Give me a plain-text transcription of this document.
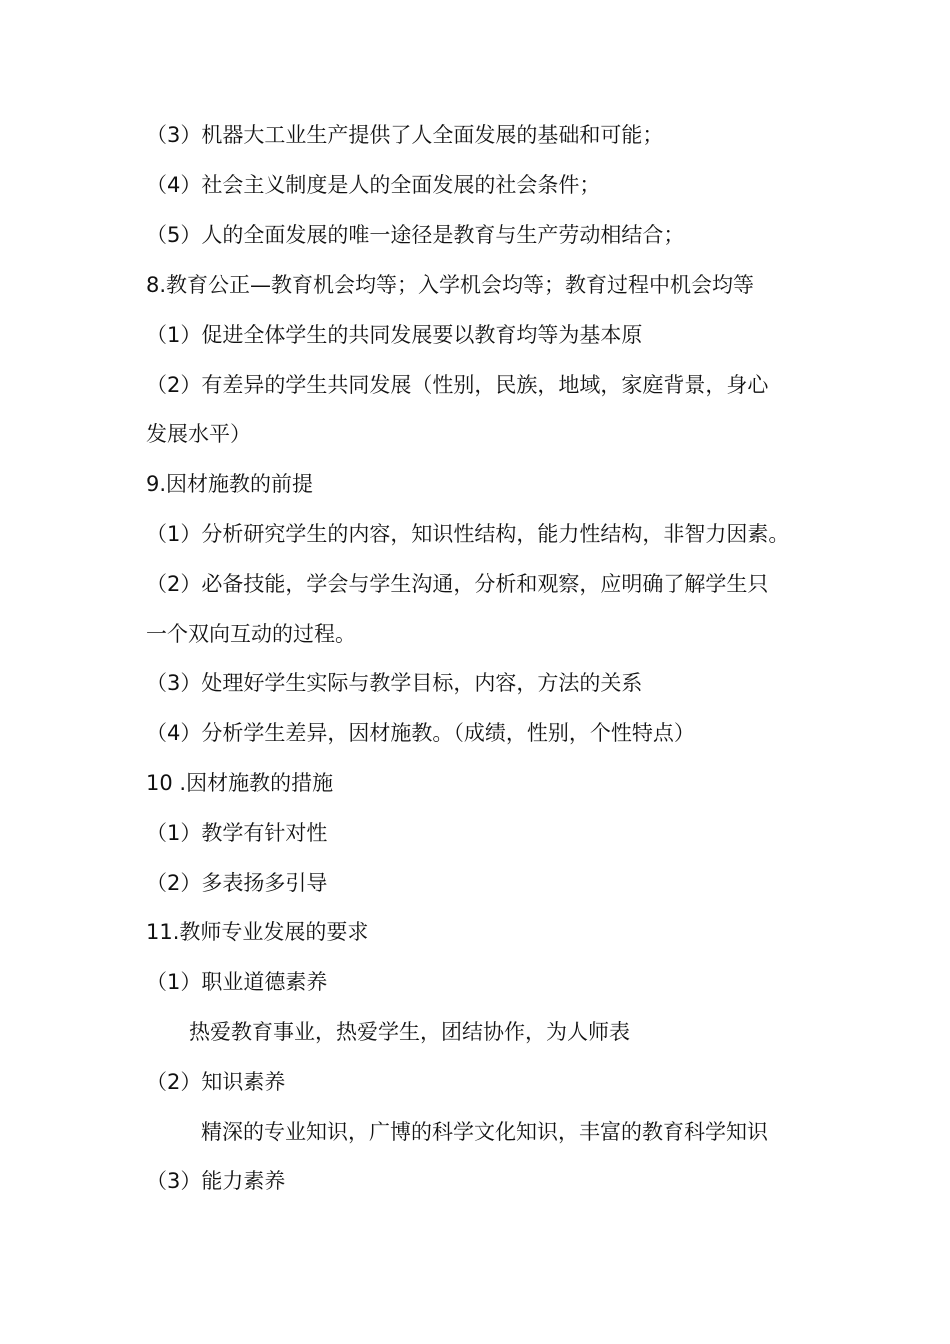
（3）机器大工业生产提供了人全面发展的基础和可能；
（4）社会主义制度是人的全面发展的社会条件；
（5）人的全面发展的唯一途径是教育与生产劳动相结合；
8.教育公正—教育机会均等；入学机会均等；教育过程中机会均等
（1）促进全体学生的共同发展要以教育均等为基本原
（2）有差异的学生共同发展（性别，民族，地域，家庭背景，身心
发展水平）
9.因材施教的前提
（1）分析研究学生的内容，知识性结构，能力性结构，非智力因素。
（2）必备技能，学会与学生沟通，分析和观察，应明确了解学生只
一个双向互动的过程。
（3）处理好学生实际与教学目标，内容，方法的关系
（4）分析学生差异，因材施教。（成绩，性别，个性特点）
10 .因材施教的措施
（1）教学有针对性
（2）多表扬多引导
11.教师专业发展的要求
（1）职业道德素养
热爱教育事业，热爱学生，团结协作，为人师表
（2）知识素养
精深的专业知识，广博的科学文化知识，丰富的教育科学知识
（3）能力素养
